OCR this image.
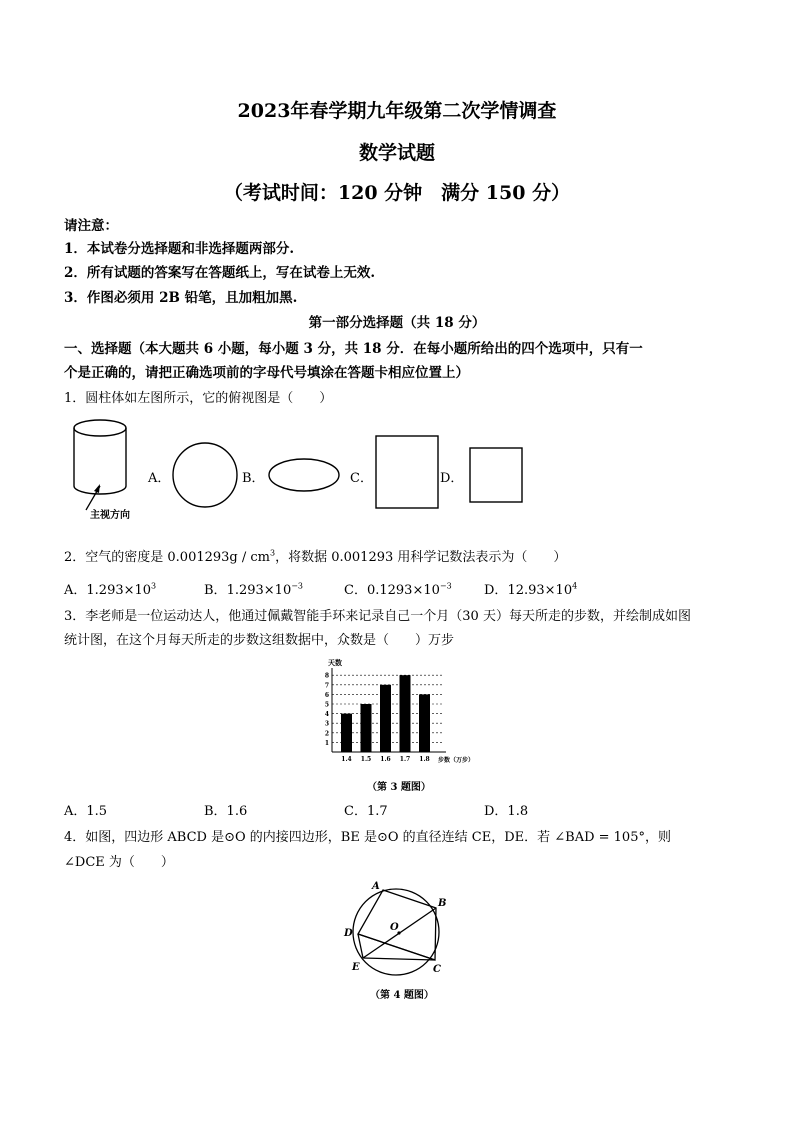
2023年春学期九年级第二次学情调查
数学试题
（考试时间：120 分钟　满分 150 分）
请注意：
1．本试卷分选择题和非选择题两部分.
2．所有试题的答案写在答题纸上，写在试卷上无效.
3．作图必须用 2B 铅笔，且加粗加黑.
第一部分选择题（共 18 分）
一、选择题（本大题共 6 小题，每小题 3 分，共 18 分．在每小题所给出的四个选项中，只有一
个是正确的，请把正确选项前的字母代号填涂在答题卡相应位置上）
1．圆柱体如左图所示，它的俯视图是（　　）
主视方向
A．	B．	C．	D．
2．空气的密度是 $0.001293g / cm^3$，将数据 0.001293 用科学记数法表示为（　　）
A．$1.293\times 10^3$	B．$1.293\times 10^{-3}$	C．$0.1293\times 10^{-3}$ D．$12.93\times 10^4$
3．李老师是一位运动达人，他通过佩戴智能手环来记录自己一个月（30 天）每天所走的步数，并绘制成如图
统计图，在这个月每天所走的步数这组数据中，众数是（　　）万步
天数
1
2
3
4
5
6
7
8
1.4 1.5 1.6 1.7 1.8 步数（万步）
（第 3 题图）
A．1.5	B．1.6	C．1.7	D．1.8
4．如图，四边形 ABCD 是⊙O 的内接四边形，BE 是⊙O 的直径连结 CE，DE．若 ∠BAD = 105°，则
∠DCE 为（　　）
A
B
C
D
E
O
（第 4 题图）
